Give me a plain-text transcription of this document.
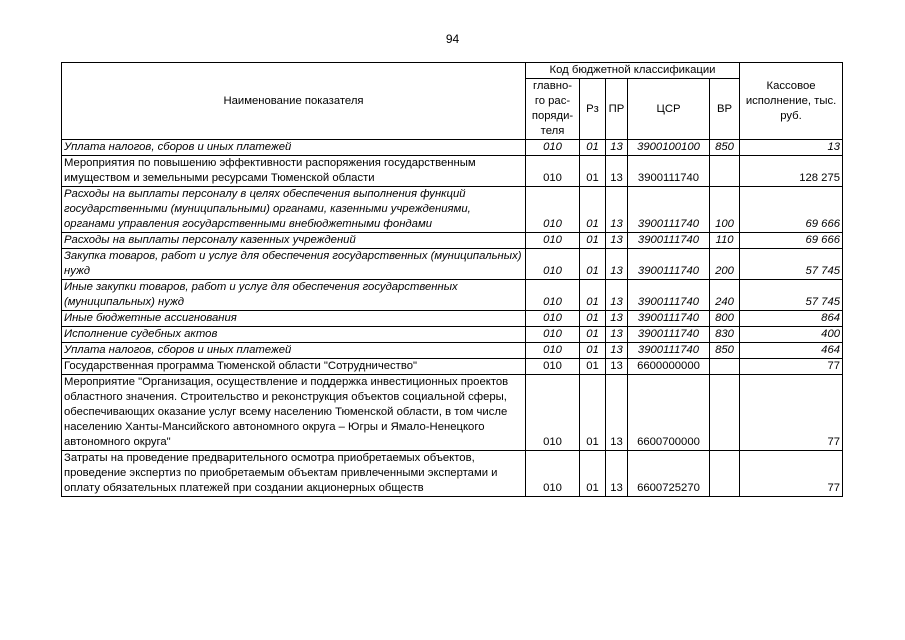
94
Наименование показателя	Код бюджетной классификации					Кассовое исполнение, тыс. руб.
	главно-го рас-поряди-теля	Рз	ПР	ЦСР	ВР	
Уплата налогов, сборов и иных платежей	010	01	13	3900100100	850	13
Мероприятия по повышению эффективности распоряжения государственным имуществом и земельными ресурсами Тюменской области	010	01	13	3900111740		128 275
Расходы на выплаты персоналу в целях обеспечения выполнения функций государственными (муниципальными) органами, казенными учреждениями, органами управления государственными внебюджетными фондами	010	01	13	3900111740	100	69 666
Расходы на выплаты персоналу казенных учреждений	010	01	13	3900111740	110	69 666
Закупка товаров, работ и услуг для обеспечения государственных (муниципальных) нужд	010	01	13	3900111740	200	57 745
Иные закупки товаров, работ и услуг для обеспечения государственных (муниципальных) нужд	010	01	13	3900111740	240	57 745
Иные бюджетные ассигнования	010	01	13	3900111740	800	864
Исполнение судебных актов	010	01	13	3900111740	830	400
Уплата налогов, сборов и иных платежей	010	01	13	3900111740	850	464
Государственная программа Тюменской области "Сотрудничество"	010	01	13	6600000000		77
Мероприятие "Организация, осуществление и поддержка инвестиционных проектов областного значения. Строительство и реконструкция объектов социальной сферы, обеспечивающих оказание услуг всему населению Тюменской области, в том числе населению Ханты-Мансийского автономного округа – Югры и Ямало-Ненецкого автономного округа"	010	01	13	6600700000		77
Затраты на проведение предварительного осмотра приобретаемых объектов, проведение экспертиз по приобретаемым объектам привлеченными экспертами и оплату обязательных платежей при создании акционерных обществ	010	01	13	6600725270		77
